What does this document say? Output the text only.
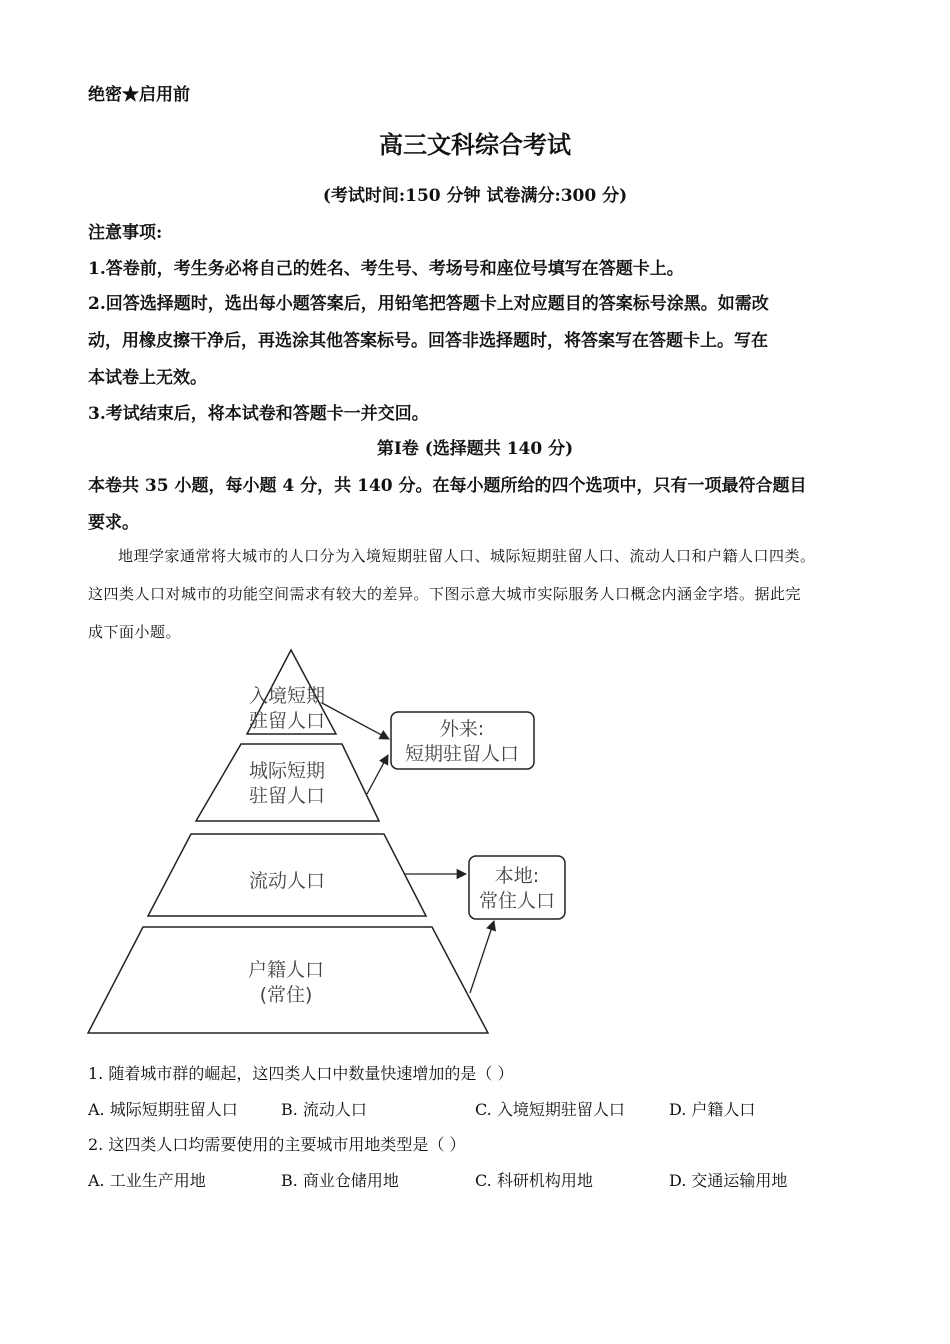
绝密★启用前
高三文科综合考试
(考试时间:150 分钟 试卷满分:300 分)
注意事项:
1.答卷前，考生务必将自己的姓名、考生号、考场号和座位号填写在答题卡上。
2.回答选择题时，选出每小题答案后，用铅笔把答题卡上对应题目的答案标号涂黑。如需改
动，用橡皮擦干净后，再选涂其他答案标号。回答非选择题时，将答案写在答题卡上。写在
本试卷上无效。
3.考试结束后，将本试卷和答题卡一并交回。
第Ⅰ卷 (选择题共 140 分)
本卷共 35 小题，每小题 4 分，共 140 分。在每小题所给的四个选项中，只有一项最符合题目
要求。
地理学家通常将大城市的人口分为入境短期驻留人口、城际短期驻留人口、流动人口和户籍人口四类。
这四类人口对城市的功能空间需求有较大的差异。下图示意大城市实际服务人口概念内涵金字塔。据此完
成下面小题。
入境短期
驻留人口
城际短期
驻留人口
流动人口
户籍人口
(常住)
外来:
短期驻留人口
本地:
常住人口
1. 随着城市群的崛起，这四类人口中数量快速增加的是（ ）
A. 城际短期驻留人口	B. 流动人口	C. 入境短期驻留人口	D. 户籍人口
2. 这四类人口均需要使用的主要城市用地类型是（ ）
A. 工业生产用地	B. 商业仓储用地	C. 科研机构用地	D. 交通运输用地
